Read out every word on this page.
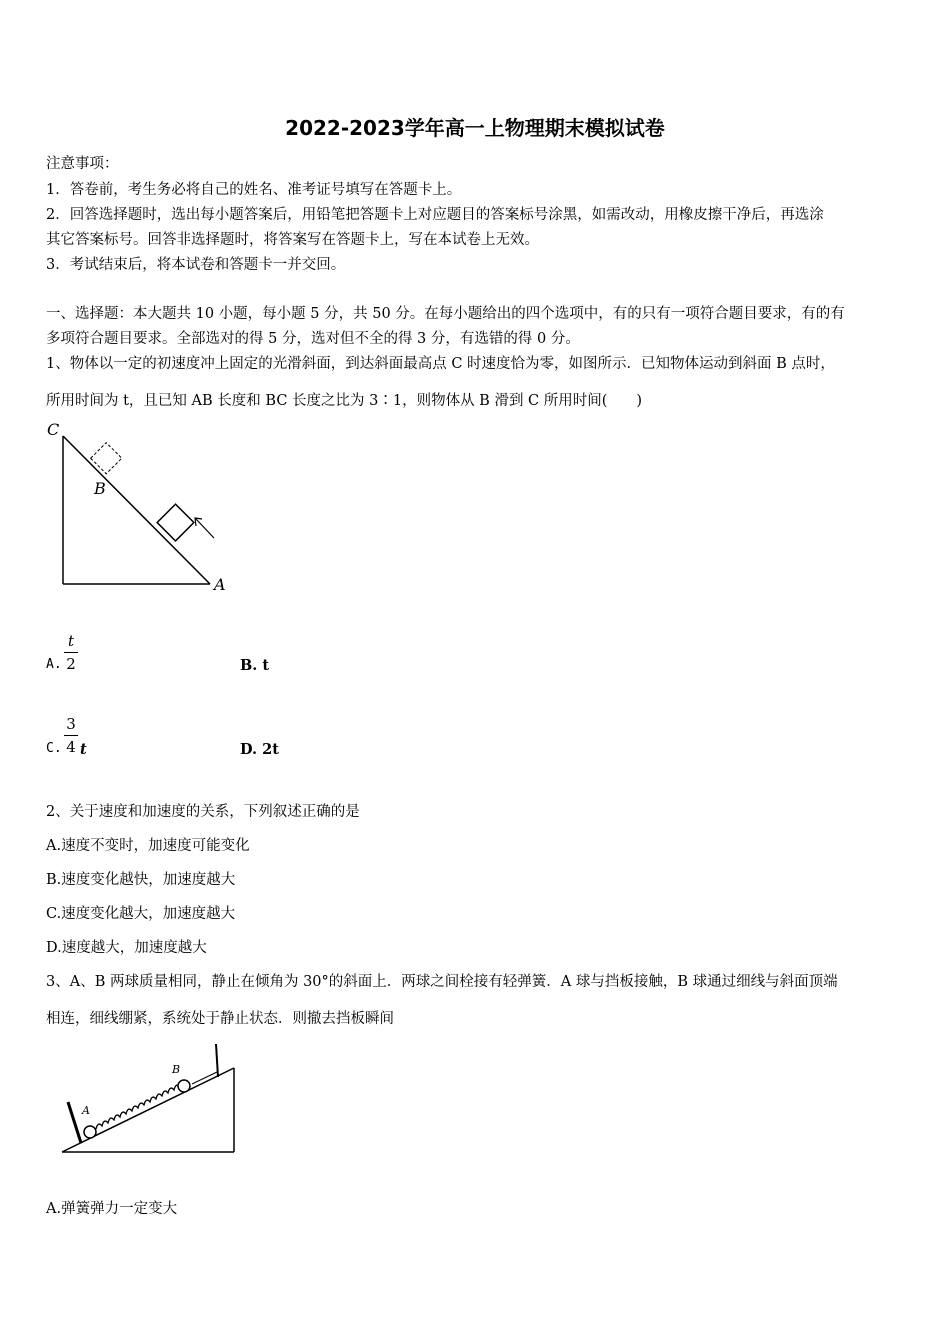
2022-2023学年高一上物理期末模拟试卷
注意事项：
1．答卷前，考生务必将自己的姓名、准考证号填写在答题卡上。
2．回答选择题时，选出每小题答案后，用铅笔把答题卡上对应题目的答案标号涂黑，如需改动，用橡皮擦干净后，再选涂
其它答案标号。回答非选择题时，将答案写在答题卡上，写在本试卷上无效。
3．考试结束后，将本试卷和答题卡一并交回。
一、选择题：本大题共 10 小题，每小题 5 分，共 50 分。在每小题给出的四个选项中，有的只有一项符合题目要求，有的有
多项符合题目要求。全部选对的得 5 分，选对但不全的得 3 分，有选错的得 0 分。
1、物体以一定的初速度冲上固定的光滑斜面，到达斜面最高点 C 时速度恰为零，如图所示．已知物体运动到斜面 B 点时，
所用时间为 t，且已知 AB 长度和 BC 长度之比为 3∶1，则物体从 B 滑到 C 所用时间(　　)
C
B
A
A.
t
2	B. t
C.
3
4 t	D. 2t
2、关于速度和加速度的关系，下列叙述正确的是
A.速度不变时，加速度可能变化
B.速度变化越快，加速度越大
C.速度变化越大，加速度越大
D.速度越大，加速度越大
3、A、B 两球质量相同，静止在倾角为 30°的斜面上．两球之间栓接有轻弹簧．A 球与挡板接触，B 球通过细线与斜面顶端
相连，细线绷紧，系统处于静止状态．则撤去挡板瞬间
A
B
A.弹簧弹力一定变大
